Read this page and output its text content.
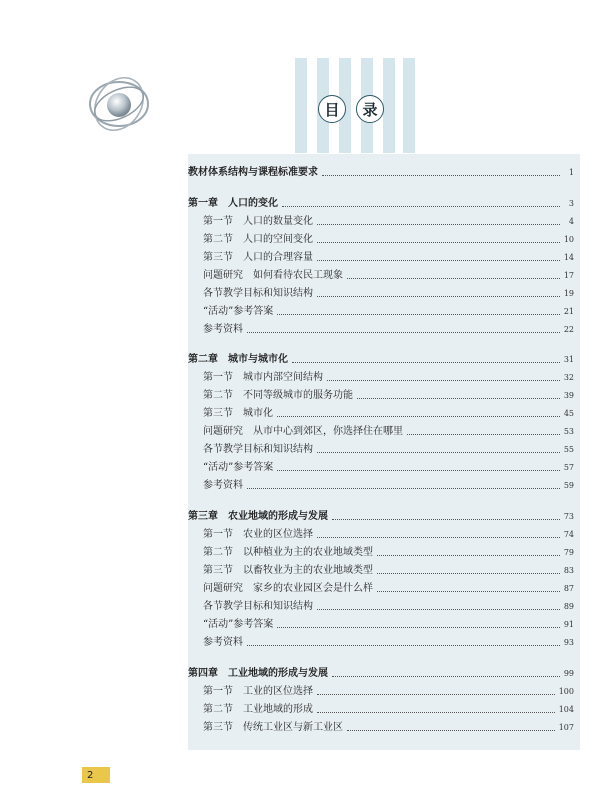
目	录
教材体系结构与课程标准要求	1
第一章　人口的变化	3
第一节　人口的数量变化	4
第二节　人口的空间变化	10
第三节　人口的合理容量	14
问题研究　如何看待农民工现象	17
各节教学目标和知识结构	19
“活动”参考答案	21
参考资料	22
第二章　城市与城市化	31
第一节　城市内部空间结构	32
第二节　不同等级城市的服务功能	39
第三节　城市化	45
问题研究　从市中心到郊区，你选择住在哪里	53
各节教学目标和知识结构	55
“活动”参考答案	57
参考资料	59
第三章　农业地域的形成与发展	73
第一节　农业的区位选择	74
第二节　以种植业为主的农业地域类型	79
第三节　以畜牧业为主的农业地域类型	83
问题研究　家乡的农业园区会是什么样	87
各节教学目标和知识结构	89
“活动”参考答案	91
参考资料	93
第四章　工业地域的形成与发展	99
第一节　工业的区位选择	100
第二节　工业地域的形成	104
第三节　传统工业区与新工业区	107
2
